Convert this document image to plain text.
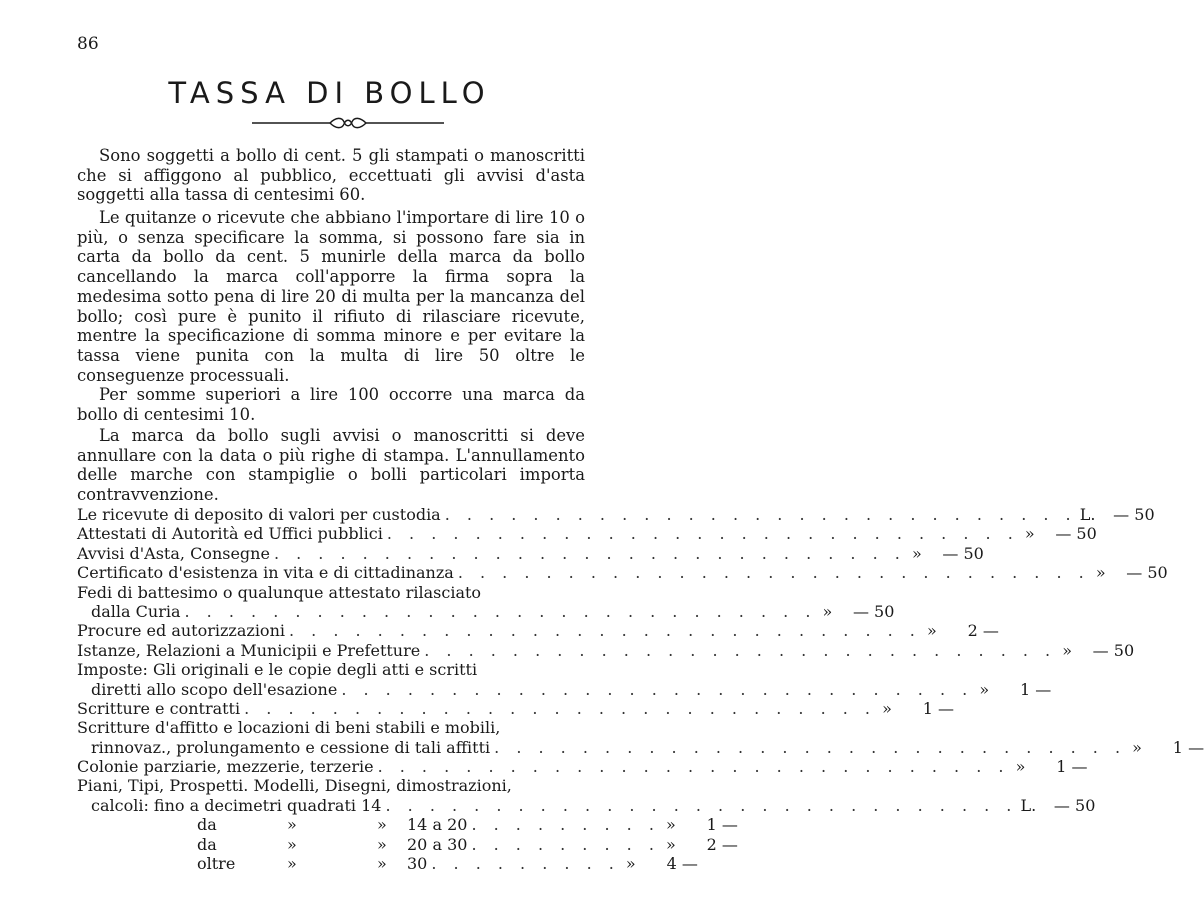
86
TASSA DI BOLLO

Sono soggetti a bollo di cent. 5 gli stampati o manoscritti che si affiggono al pubblico, eccettuati gli avvisi d'asta soggetti alla tassa di centesimi 60.

Le quitanze o ricevute che abbiano l'importare di lire 10 o più, o senza specificare la somma, si possono fare sia in carta da bollo da cent. 5 munirle della marca da bollo cancellando la marca coll'apporre la firma sopra la medesima sotto pena di lire 20 di multa per la mancanza del bollo; così pure è punito il rifiuto di rilasciare ricevute, mentre la specificazione di somma minore e per evitare la tassa viene punita con la multa di lire 50 oltre le conseguenze processuali.

Per somme superiori a lire 100 occorre una marca da bollo di centesimi 10.

La marca da bollo sugli avvisi o manoscritti si deve annullare con la data o più righe di stampa. L'annullamento delle marche con stampiglie o bolli particolari importa contravvenzione.

Le ricevute di deposito di valori per custodia . . . . . . . . . . . . . . . . . . . . . . . . . . . . . L.	— 50
Attestati di Autorità ed Uffici pubblici . . . . . . . . . . . . . . . . . . . . . . . . . . . . . »	— 50
Avvisi d'Asta, Consegne . . . . . . . . . . . . . . . . . . . . . . . . . . . . . »	— 50
Certificato d'esistenza in vita e di cittadinanza . . . . . . . . . . . . . . . . . . . . . . . . . . . . . »	— 50
Fedi di battesimo o qualunque attestato rilasciato
dalla Curia . . . . . . . . . . . . . . . . . . . . . . . . . . . . . »	— 50
Procure ed autorizzazioni . . . . . . . . . . . . . . . . . . . . . . . . . . . . . »	2 —
Istanze, Relazioni a Municipii e Prefetture . . . . . . . . . . . . . . . . . . . . . . . . . . . . . »	— 50
Imposte: Gli originali e le copie degli atti e scritti
diretti allo scopo dell'esazione . . . . . . . . . . . . . . . . . . . . . . . . . . . . . »	1 —
Scritture e contratti . . . . . . . . . . . . . . . . . . . . . . . . . . . . . »	1 —
Scritture d'affitto e locazioni di beni stabili e mobili,
rinnovaz., prolungamento e cessione di tali affitti . . . . . . . . . . . . . . . . . . . . . . . . . . . . . »	1 —
Colonie parziarie, mezzerie, terzerie . . . . . . . . . . . . . . . . . . . . . . . . . . . . . »	1 —
Piani, Tipi, Prospetti. Modelli, Disegni, dimostrazioni,
calcoli: fino a decimetri quadrati 14 . . . . . . . . . . . . . . . . . . . . . . . . . . . . . L.	— 50
da	»	»	14 a 20 . . . . . . . . . »	1 —
da	»	»	20 a 30 . . . . . . . . . »	2 —
oltre	»	»	30 . . . . . . . . . »	4 —
